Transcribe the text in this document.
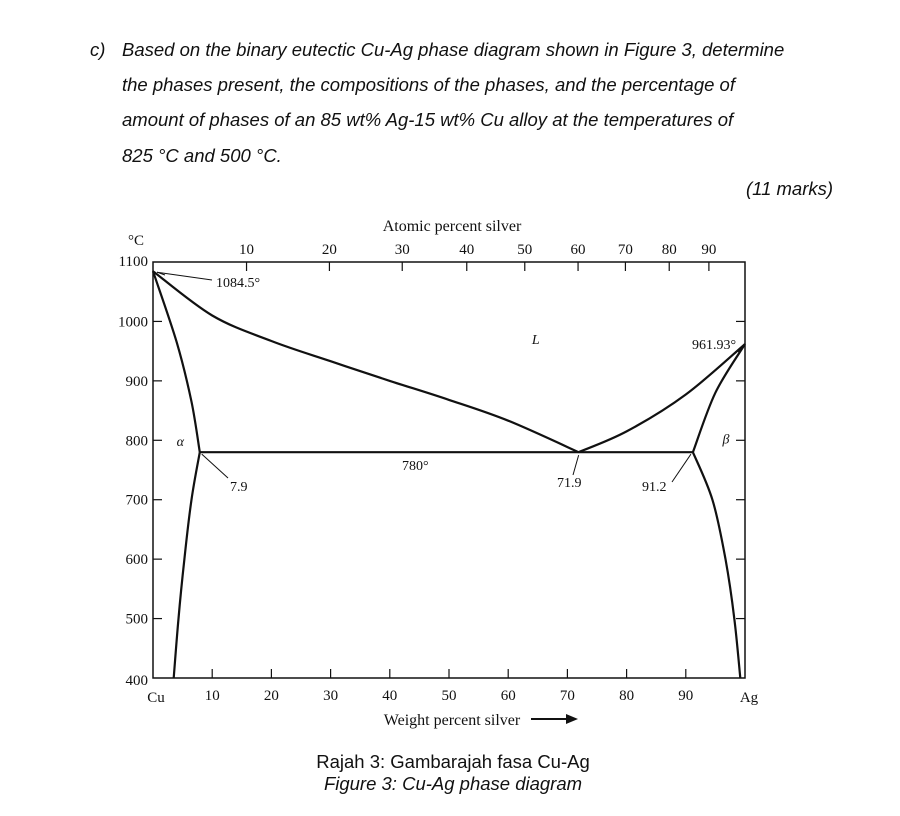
c) Based on the binary eutectic Cu-Ag phase diagram shown in Figure 3, determine
the phases present, the compositions of the phases, and the percentage of
amount of phases of an 85 wt% Ag-15 wt% Cu alloy at the temperatures of
825 °C and 500 °C.
(11 marks)
10	20	30	40	50	60 70 80 90
Atomic percent silver
Cu	10	20	30	40	50	60	70	80	90	Ag
Weight percent silver
1100
1000
900
800
700
600
500
400
°C
L
α	β
1084.5°
961.93°
780°
7.9	71.9	91.2
Rajah 3: Gambarajah fasa Cu-Ag
Figure 3: Cu-Ag phase diagram
